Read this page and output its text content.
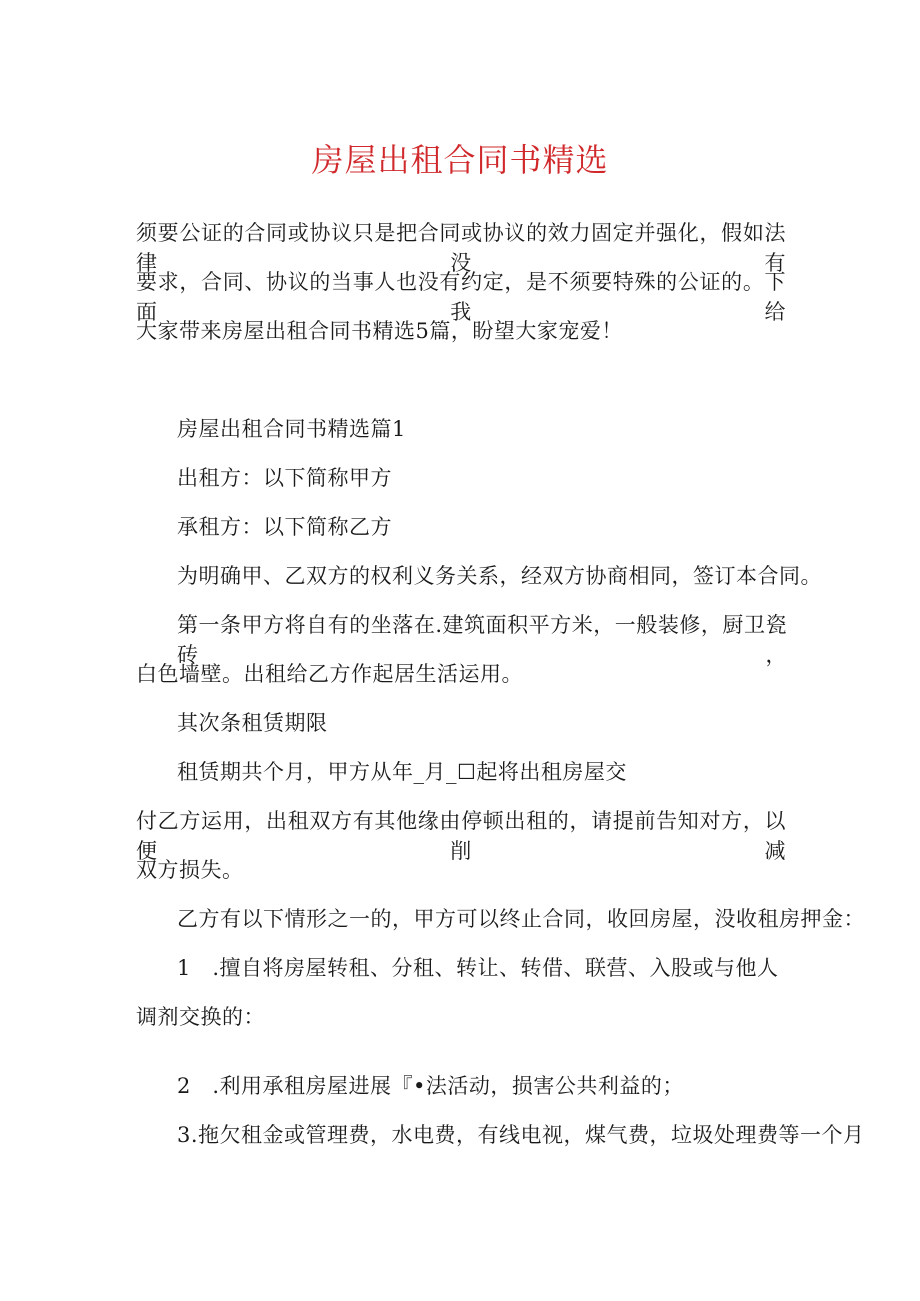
房屋出租合同书精选
须要公证的合同或协议只是把合同或协议的效力固定并强化，假如法律没有
要求，合同、协议的当事人也没有约定，是不须要特殊的公证的。下面我给
大家带来房屋出租合同书精选5篇，盼望大家宠爱！
房屋出租合同书精选篇1
出租方：以下简称甲方
承租方：以下简称乙方
为明确甲、乙双方的权利义务关系，经双方协商相同，签订本合同。
第一条甲方将自有的坐落在.建筑面积平方米，一般装修，厨卫瓷砖，
白色墙壁。出租给乙方作起居生活运用。
其次条租赁期限
租赁期共个月，甲方从年_月_☐起将出租房屋交
付乙方运用，出租双方有其他缘由停顿出租的，请提前告知对方，以便削减
双方损失。
乙方有以下情形之一的，甲方可以终止合同，收回房屋，没收租房押金：
1 .擅自将房屋转租、分租、转让、转借、联营、入股或与他人
调剂交换的：
2 .利用承租房屋进展『•法活动，损害公共利益的；
3.拖欠租金或管理费，水电费，有线电视，煤气费，垃圾处理费等一个月
